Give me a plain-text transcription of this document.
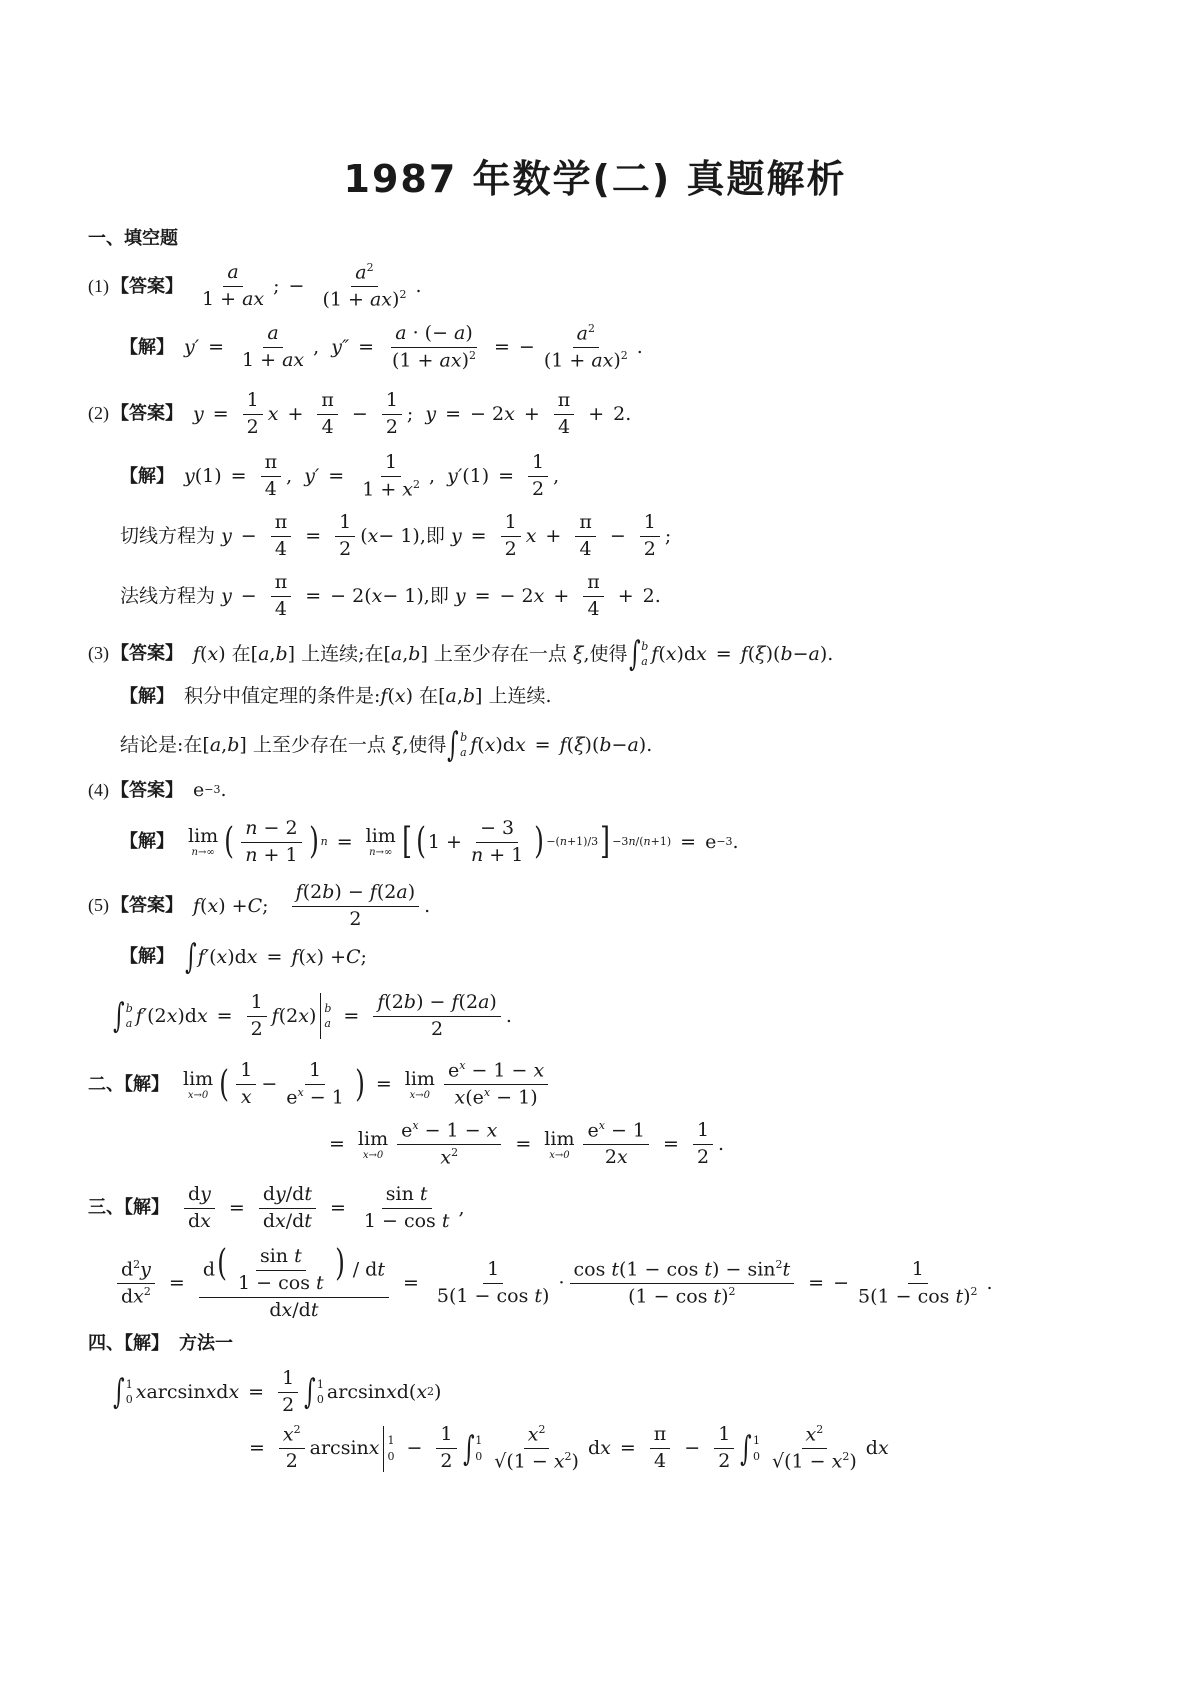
1987 年数学(二) 真题解析
一、填空题
(1) 【答案】 $\frac{a}{1 + ax}$ ; − $\frac{a^2}{(1 + ax)^2}$ .
【解】 $y' = \frac{a}{1 + ax}$ , $y'' = \frac{a \cdot (- a)}{(1 + ax)^2}$ = − $\frac{a^2}{(1 + ax)^2}$ .
(2) 【答案】 $y = \frac{1}{2}$ $x + \frac{\pi}{4} - \frac{1}{2}$ ; y = − 2 $x + \frac{\pi}{4} + 2$.
【解】 y $(1) = \frac{\pi}{4}$ , $y' = \frac{1}{1 + x^2}$ , y′ $(1) = \frac{1}{2}$ ,
切线方程为
$y - \frac{\pi}{4} = \frac{1}{2}$ ( x − 1) ,即
$y = \frac{1}{2}$ $x + \frac{\pi}{4} - \frac{1}{2}$ ;
法线方程为
$y - \frac{\pi}{4}$ = − 2( x − 1) ,即
y = − 2 $x + \frac{\pi}{4} + 2$.
(3) 【答案】 f ( x ) 在 [ a , b ] 上连续 ;在 [ a , b ] 上至少存在一点
ξ ,使得 ∫ b
a f ( x )d x = f ( ξ )( b − a ).
【解】 积分中值定理的条件是: f ( x ) 在 [ a , b ] 上连续 .
结论是: 在 [ a , b ] 上至少存在一点
ξ ,使得 ∫ b
a f ( x )d x = f ( ξ )( b − a ).
(4) 【答案】 e −3 .
【解】 lim
n→∞ ( $\frac{n - 2}{n + 1}$ ) n = lim
n→∞ [ ( $1 + \frac{- 3}{n + 1}$ ) −(n+1)/3 ] −3n/(n+1) = e −3 .
(5) 【答案】 f ( x ) + C ; $\frac{f(2b) - f(2a)}{2}$ .
【解】 ∫ f′ ( x )d x = f ( x ) + C ;
∫ b
a f′ (2 x )d $x = \frac{1}{2}$ f (2 x ) b
$a = \frac{f(2b) - f(2a)}{2}$ .
二、【解】 lim
x→0 ( $\frac{1}{x} - \frac{1}{e^x - 1}$ ) = lim
$x\to 0 \frac{e^x - 1 - x}{x(e^x - 1)}$
= lim
$x\to 0 \frac{e^x - 1 - x}{x^2} = \lim$
$x\to 0 \frac{e^x - 1}{2x} = \frac{1}{2}$ .
三、【解】 $\frac{dy}{dx} = \frac{dy/dt}{dx/dt} = \frac{\text{sin t}}{\text{1 − cos t}}$ ,
$\frac{d^2y}{dx^2} = \frac{d( \frac{\text{sin t}}{\text{1 − cos t}} ) / dt}{dx/dt} = \frac{1}{\text{5(1 − cos t)}} \cdot \frac{\cos t(1 - \cos t) - \sin^2t}{(1 - \cos t)^2}$ = − $\frac{1}{5(1 - \cos t)^2}$ .
四、【解】 方法一
∫ 1
0 x arcsin x d $x = \frac{1}{2}$ ∫ 1
0 arcsin x d( x 2 )
= $\frac{x^2}{2}$ arcsin x 1
$0 - \frac{1}{2}$ ∫ 1
$0 \frac{x^2}{√(1 - x^2)}$ d $x = \frac{\pi}{4} - \frac{1}{2}$ ∫ 1
$0 \frac{x^2}{√(1 - x^2)}$ d x
